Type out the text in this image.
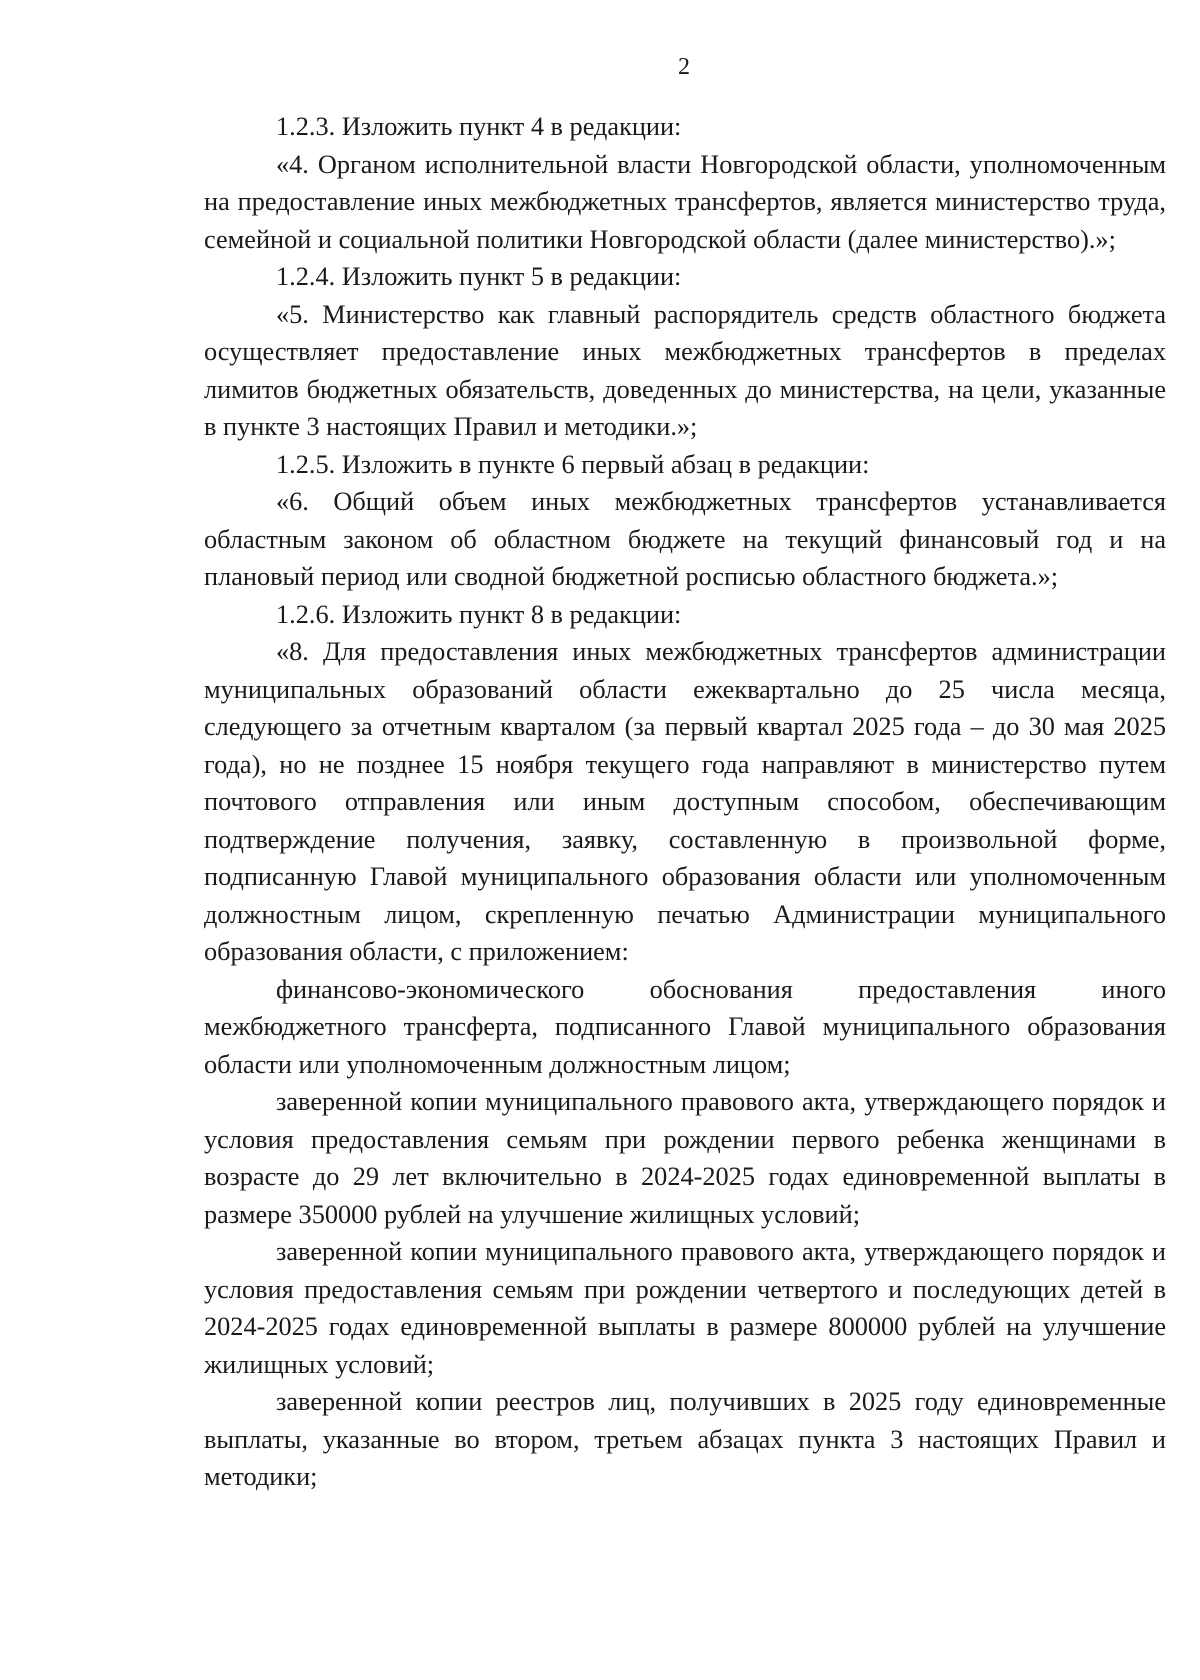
2

1.2.3. Изложить пункт 4 в редакции:

«4. Органом исполнительной власти Новгородской области, уполномоченным на предоставление иных межбюджетных трансфертов, является министерство труда, семейной и социальной политики Новгородской области (далее министерство).»;

1.2.4. Изложить пункт 5 в редакции:

«5. Министерство как главный распорядитель средств областного бюджета осуществляет предоставление иных межбюджетных трансфертов в пределах лимитов бюджетных обязательств, доведенных до министерства, на цели, указанные в пункте 3 настоящих Правил и методики.»;

1.2.5. Изложить в пункте 6 первый абзац в редакции:

«6. Общий объем иных межбюджетных трансфертов устанавливается областным законом об областном бюджете на текущий финансовый год и на плановый период или сводной бюджетной росписью областного бюджета.»;

1.2.6. Изложить пункт 8 в редакции:

«8. Для предоставления иных межбюджетных трансфертов администрации муниципальных образований области ежеквартально до 25 числа месяца, следующего за отчетным кварталом (за первый квартал 2025 года – до 30 мая 2025 года), но не позднее 15 ноября текущего года направляют в министерство путем почтового отправления или иным доступным способом, обеспечивающим подтверждение получения, заявку, составленную в произвольной форме, подписанную Главой муниципального образования области или уполномоченным должностным лицом, скрепленную печатью Администрации муниципального образования области, с приложением:

финансово-экономического обоснования предоставления иного межбюджетного трансферта, подписанного Главой муниципального образования области или уполномоченным должностным лицом;

заверенной копии муниципального правового акта, утверждающего порядок и условия предоставления семьям при рождении первого ребенка женщинами в возрасте до 29 лет включительно в 2024-2025 годах единовременной выплаты в размере 350000 рублей на улучшение жилищных условий;

заверенной копии муниципального правового акта, утверждающего порядок и условия предоставления семьям при рождении четвертого и последующих детей в 2024-2025 годах единовременной выплаты в размере 800000 рублей на улучшение жилищных условий;

заверенной копии реестров лиц, получивших в 2025 году единовременные выплаты, указанные во втором, третьем абзацах пункта 3 настоящих Правил и методики;
